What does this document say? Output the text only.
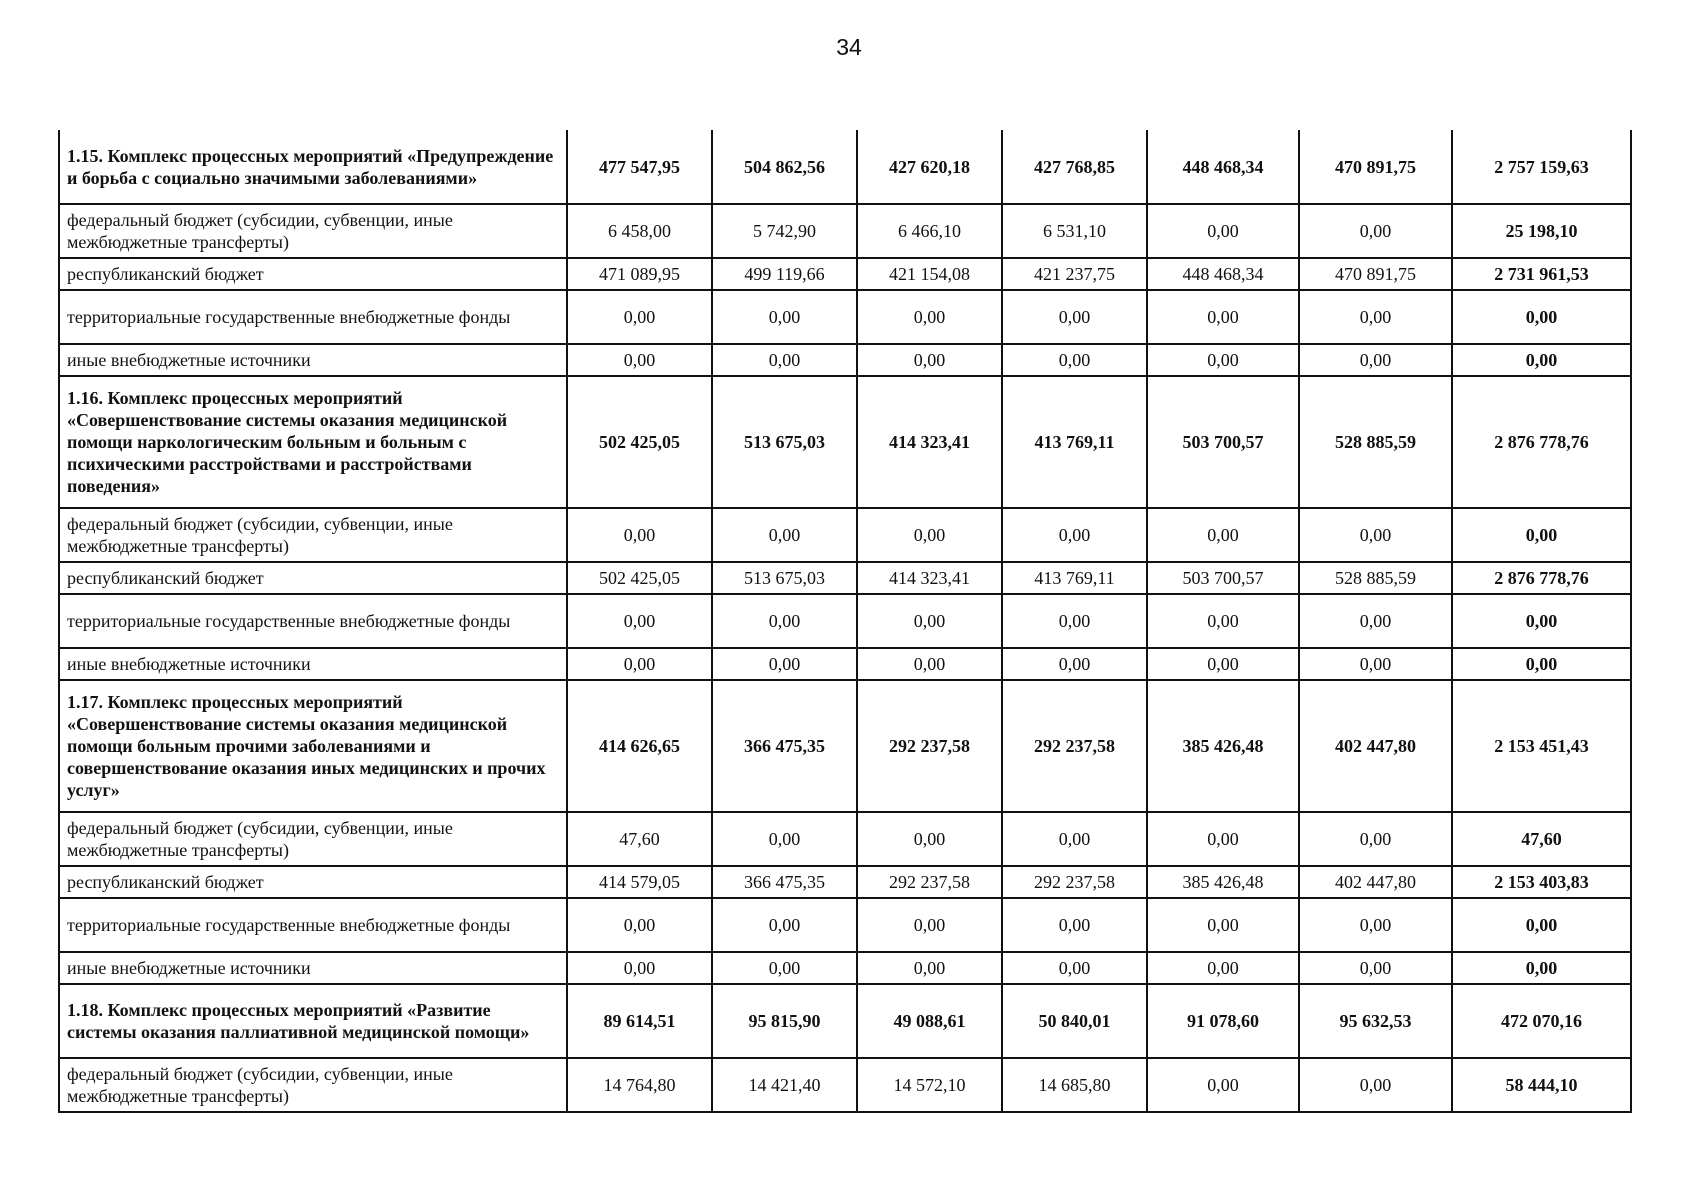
34
1.15. Комплекс процессных мероприятий «Предупреждение и борьба с социально значимыми заболеваниями»	477 547,95	504 862,56	427 620,18	427 768,85	448 468,34	470 891,75	2 757 159,63
федеральный бюджет (субсидии, субвенции, иные межбюджетные трансферты)	6 458,00	5 742,90	6 466,10	6 531,10	0,00	0,00	25 198,10
республиканский бюджет	471 089,95	499 119,66	421 154,08	421 237,75	448 468,34	470 891,75	2 731 961,53
территориальные государственные внебюджетные фонды	0,00	0,00	0,00	0,00	0,00	0,00	0,00
иные внебюджетные источники	0,00	0,00	0,00	0,00	0,00	0,00	0,00
1.16. Комплекс процессных мероприятий «Совершенствование системы оказания медицинской помощи наркологическим больным и больным с психическими расстройствами и расстройствами поведения»	502 425,05	513 675,03	414 323,41	413 769,11	503 700,57	528 885,59	2 876 778,76
федеральный бюджет (субсидии, субвенции, иные межбюджетные трансферты)	0,00	0,00	0,00	0,00	0,00	0,00	0,00
республиканский бюджет	502 425,05	513 675,03	414 323,41	413 769,11	503 700,57	528 885,59	2 876 778,76
территориальные государственные внебюджетные фонды	0,00	0,00	0,00	0,00	0,00	0,00	0,00
иные внебюджетные источники	0,00	0,00	0,00	0,00	0,00	0,00	0,00
1.17. Комплекс процессных мероприятий «Совершенствование системы оказания медицинской помощи больным прочими заболеваниями и совершенствование оказания иных медицинских и прочих услуг»	414 626,65	366 475,35	292 237,58	292 237,58	385 426,48	402 447,80	2 153 451,43
федеральный бюджет (субсидии, субвенции, иные межбюджетные трансферты)	47,60	0,00	0,00	0,00	0,00	0,00	47,60
республиканский бюджет	414 579,05	366 475,35	292 237,58	292 237,58	385 426,48	402 447,80	2 153 403,83
территориальные государственные внебюджетные фонды	0,00	0,00	0,00	0,00	0,00	0,00	0,00
иные внебюджетные источники	0,00	0,00	0,00	0,00	0,00	0,00	0,00
1.18. Комплекс процессных мероприятий «Развитие системы оказания паллиативной медицинской помощи»	89 614,51	95 815,90	49 088,61	50 840,01	91 078,60	95 632,53	472 070,16
федеральный бюджет (субсидии, субвенции, иные межбюджетные трансферты)	14 764,80	14 421,40	14 572,10	14 685,80	0,00	0,00	58 444,10
